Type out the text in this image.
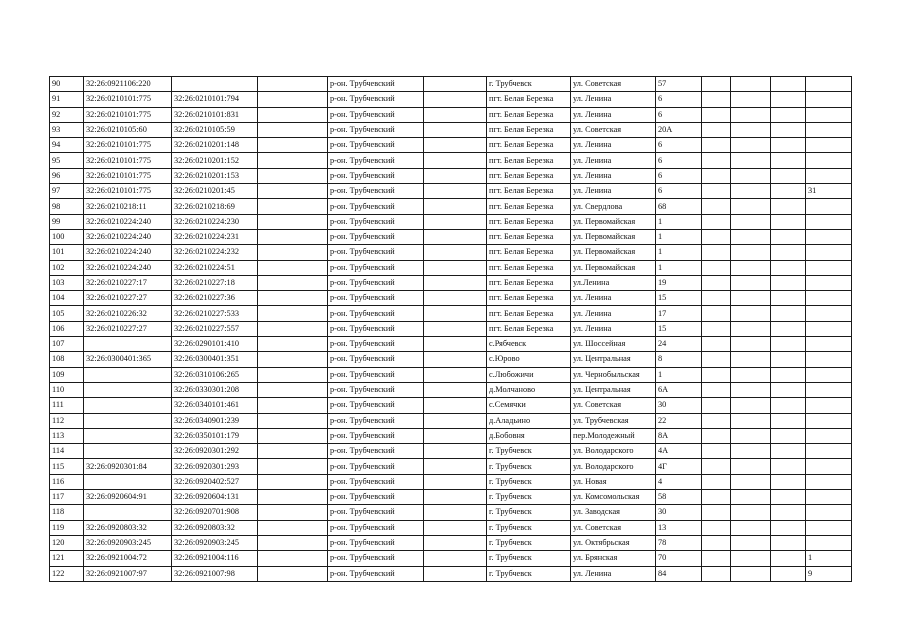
90	32:26:0921106:220			р-он. Трубчевский		г. Трубчевск	ул. Советская	57				
91	32:26:0210101:775	32:26:0210101:794		р-он. Трубчевский		пгт. Белая Березка	ул. Ленина	6				
92	32:26:0210101:775	32:26:0210101:831		р-он. Трубчевский		пгт. Белая Березка	ул. Ленина	6				
93	32:26:0210105:60	32:26:0210105:59		р-он. Трубчевский		пгт. Белая Березка	ул. Советская	20А				
94	32:26:0210101:775	32:26:0210201:148		р-он. Трубчевский		пгт. Белая Березка	ул. Ленина	6				
95	32:26:0210101:775	32:26:0210201:152		р-он. Трубчевский		пгт. Белая Березка	ул. Ленина	6				
96	32:26:0210101:775	32:26:0210201:153		р-он. Трубчевский		пгт. Белая Березка	ул. Ленина	6				
97	32:26:0210101:775	32:26:0210201:45		р-он. Трубчевский		пгт. Белая Березка	ул. Ленина	6				31
98	32:26:0210218:11	32:26:0210218:69		р-он. Трубчевский		пгт. Белая Березка	ул. Свердлова	68				
99	32:26:0210224:240	32:26:0210224:230		р-он. Трубчевский		пгт. Белая Березка	ул. Первомайская	1				
100	32:26:0210224:240	32:26:0210224:231		р-он. Трубчевский		пгт. Белая Березка	ул. Первомайская	1				
101	32:26:0210224:240	32:26:0210224:232		р-он. Трубчевский		пгт. Белая Березка	ул. Первомайская	1				
102	32:26:0210224:240	32:26:0210224:51		р-он. Трубчевский		пгт. Белая Березка	ул. Первомайская	1				
103	32:26:0210227:17	32:26:0210227:18		р-он. Трубчевский		пгт. Белая Березка	ул.Ленина	19				
104	32:26:0210227:27	32:26:0210227:36		р-он. Трубчевский		пгт. Белая Березка	ул. Ленина	15				
105	32:26:0210226:32	32:26:0210227:533		р-он. Трубчевский		пгт. Белая Березка	ул. Ленина	17				
106	32:26:0210227:27	32:26:0210227:557		р-он. Трубчевский		пгт. Белая Березка	ул. Ленина	15				
107		32:26:0290101:410		р-он. Трубчевский		с.Рябчевск	ул. Шоссейная	24				
108	32:26:0300401:365	32:26:0300401:351		р-он. Трубчевский		с.Юрово	ул. Центральная	8				
109		32:26:0310106:265		р-он. Трубчевский		с.Любожичи	ул. Чернобыльская	1				
110		32:26:0330301:208		р-он. Трубчевский		д.Молчаново	ул. Центральная	6А				
111		32:26:0340101:461		р-он. Трубчевский		с.Семячки	ул. Советская	30				
112		32:26:0340901:239		р-он. Трубчевский		д.Аладьино	ул. Трубчевская	22				
113		32:26:0350101:179		р-он. Трубчевский		д.Бобовня	пер.Молодежный	8А				
114		32:26:0920301:292		р-он. Трубчевский		г. Трубчевск	ул. Володарского	4А				
115	32:26:0920301:84	32:26:0920301:293		р-он. Трубчевский		г. Трубчевск	ул. Володарского	4Г				
116		32:26:0920402:527		р-он. Трубчевский		г. Трубчевск	ул. Новая	4				
117	32:26:0920604:91	32:26:0920604:131		р-он. Трубчевский		г. Трубчевск	ул. Комсомольская	58				
118		32:26:0920701:908		р-он. Трубчевский		г. Трубчевск	ул. Заводская	30				
119	32:26:0920803:32	32:26:0920803:32		р-он. Трубчевский		г. Трубчевск	ул. Советская	13				
120	32:26:0920903:245	32:26:0920903:245		р-он. Трубчевский		г. Трубчевск	ул. Октябрьская	78				
121	32:26:0921004:72	32:26:0921004:116		р-он. Трубчевский		г. Трубчевск	ул. Брянская	70				1
122	32:26:0921007:97	32:26:0921007:98		р-он. Трубчевский		г. Трубчевск	ул. Ленина	84				9
